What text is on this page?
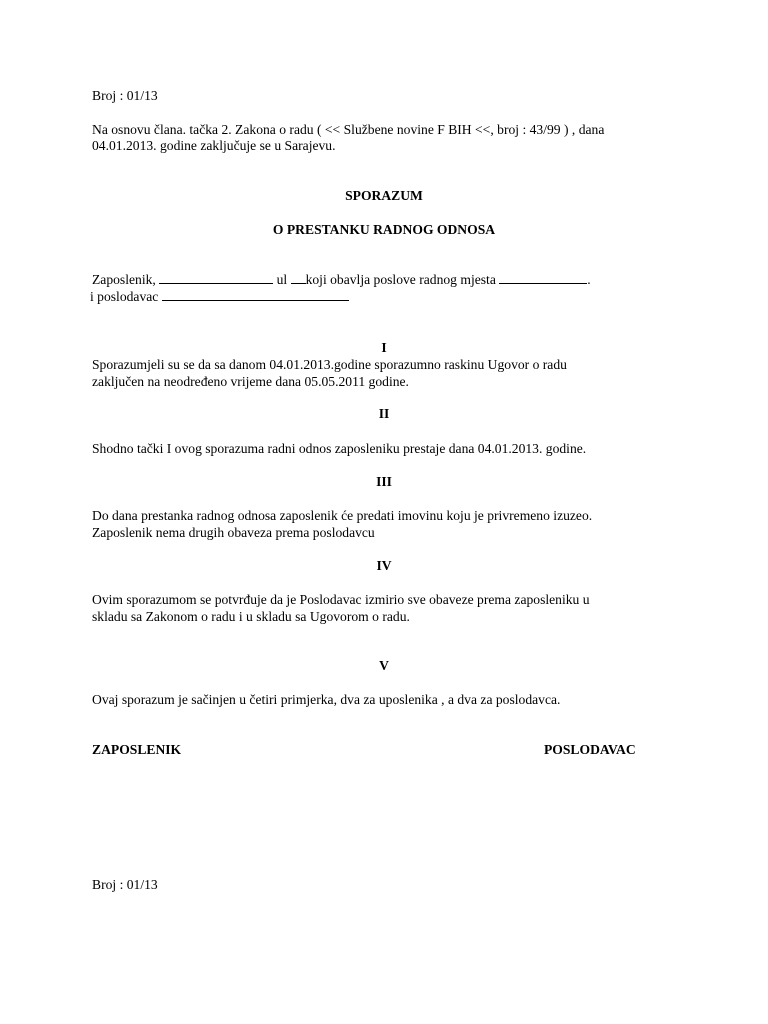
Broj : 01/13
Na osnovu člana. tačka 2. Zakona o radu ( << Službene novine F BIH <<, broj : 43/99 ) , dana
04.01.2013. godine zaključuje se u Sarajevu.
SPORAZUM
O PRESTANKU RADNOG ODNOSA
Zaposlenik,	ul koji obavlja poslove radnog mjesta	.
i poslodavac
I
Sporazumjeli su se da sa danom 04.01.2013.godine sporazumno raskinu Ugovor o radu
zaključen na neodređeno vrijeme dana 05.05.2011 godine.
II
Shodno tački I ovog sporazuma radni odnos zaposleniku prestaje dana 04.01.2013. godine.
III
Do dana prestanka radnog odnosa zaposlenik će predati imovinu koju je privremeno izuzeo.
Zaposlenik nema drugih obaveza prema poslodavcu
IV
Ovim sporazumom se potvrđuje da je Poslodavac izmirio sve obaveze prema zaposleniku u
skladu sa Zakonom o radu i u skladu sa Ugovorom o radu.
V
Ovaj sporazum je sačinjen u četiri primjerka, dva za uposlenika , a dva za poslodavca.
ZAPOSLENIK	POSLODAVAC
Broj : 01/13
